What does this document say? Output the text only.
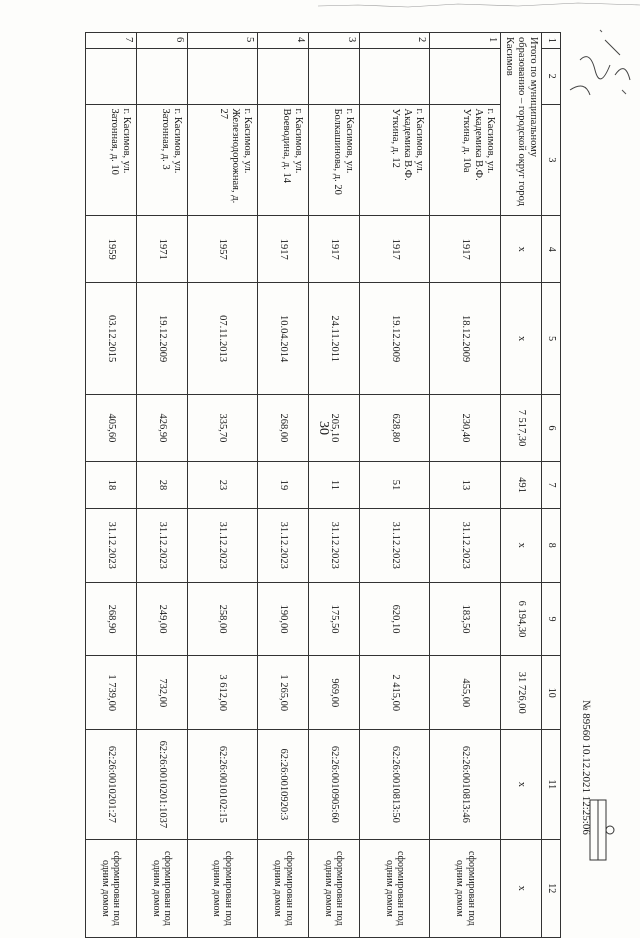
30
1	2	3	4	5	6	7	8	9	10	11	12
Итого по муниципальному образованию – городской округ город Касимов			x	x	7 517,30	491	x	6 194,30	31 726,00	x	x
1		г. Касимов, ул. Академика В.Ф. Уткина, д. 10а	1917	18.12.2009	230,40	13	31.12.2023	183,50	455,00	62:26:0010813:46	сформирован под одним домом
2		г. Касимов, ул. Академика В.Ф. Уткина, д. 12	1917	19.12.2009	628,80	51	31.12.2023	620,10	2 415,00	62:26:0010813:50	сформирован под одним домом
3		г. Касимов, ул. Болкашинова, д. 20	1917	24.11.2011	205,10	11	31.12.2023	175,50	969,00	62:26:0010905:60	сформирован под одним домом
4		г. Касимов, ул. Воеводина, д. 14	1917	10.04.2014	268,00	19	31.12.2023	190,00	1 265,00	62:26:0010920:3	сформирован под одним домом
5		г. Касимов, ул. Железнодорожная, д. 27	1957	07.11.2013	335,70	23	31.12.2023	258,00	3 612,00	62:26:0010102:15	сформирован под одним домом
6		г. Касимов, ул. Затонная, д. 3	1971	19.12.2009	426,90	28	31.12.2023	249,00	732,00	62:26:0010201:1037	сформирован под одним домом
7		г. Касимов, ул. Затонная, д. 10	1959	03.12.2015	405,60	18	31.12.2023	268,90	1 739,00	62:26:0010201:27	сформирован под одним домом
№ 89560 10.12.2021 12:25:06
